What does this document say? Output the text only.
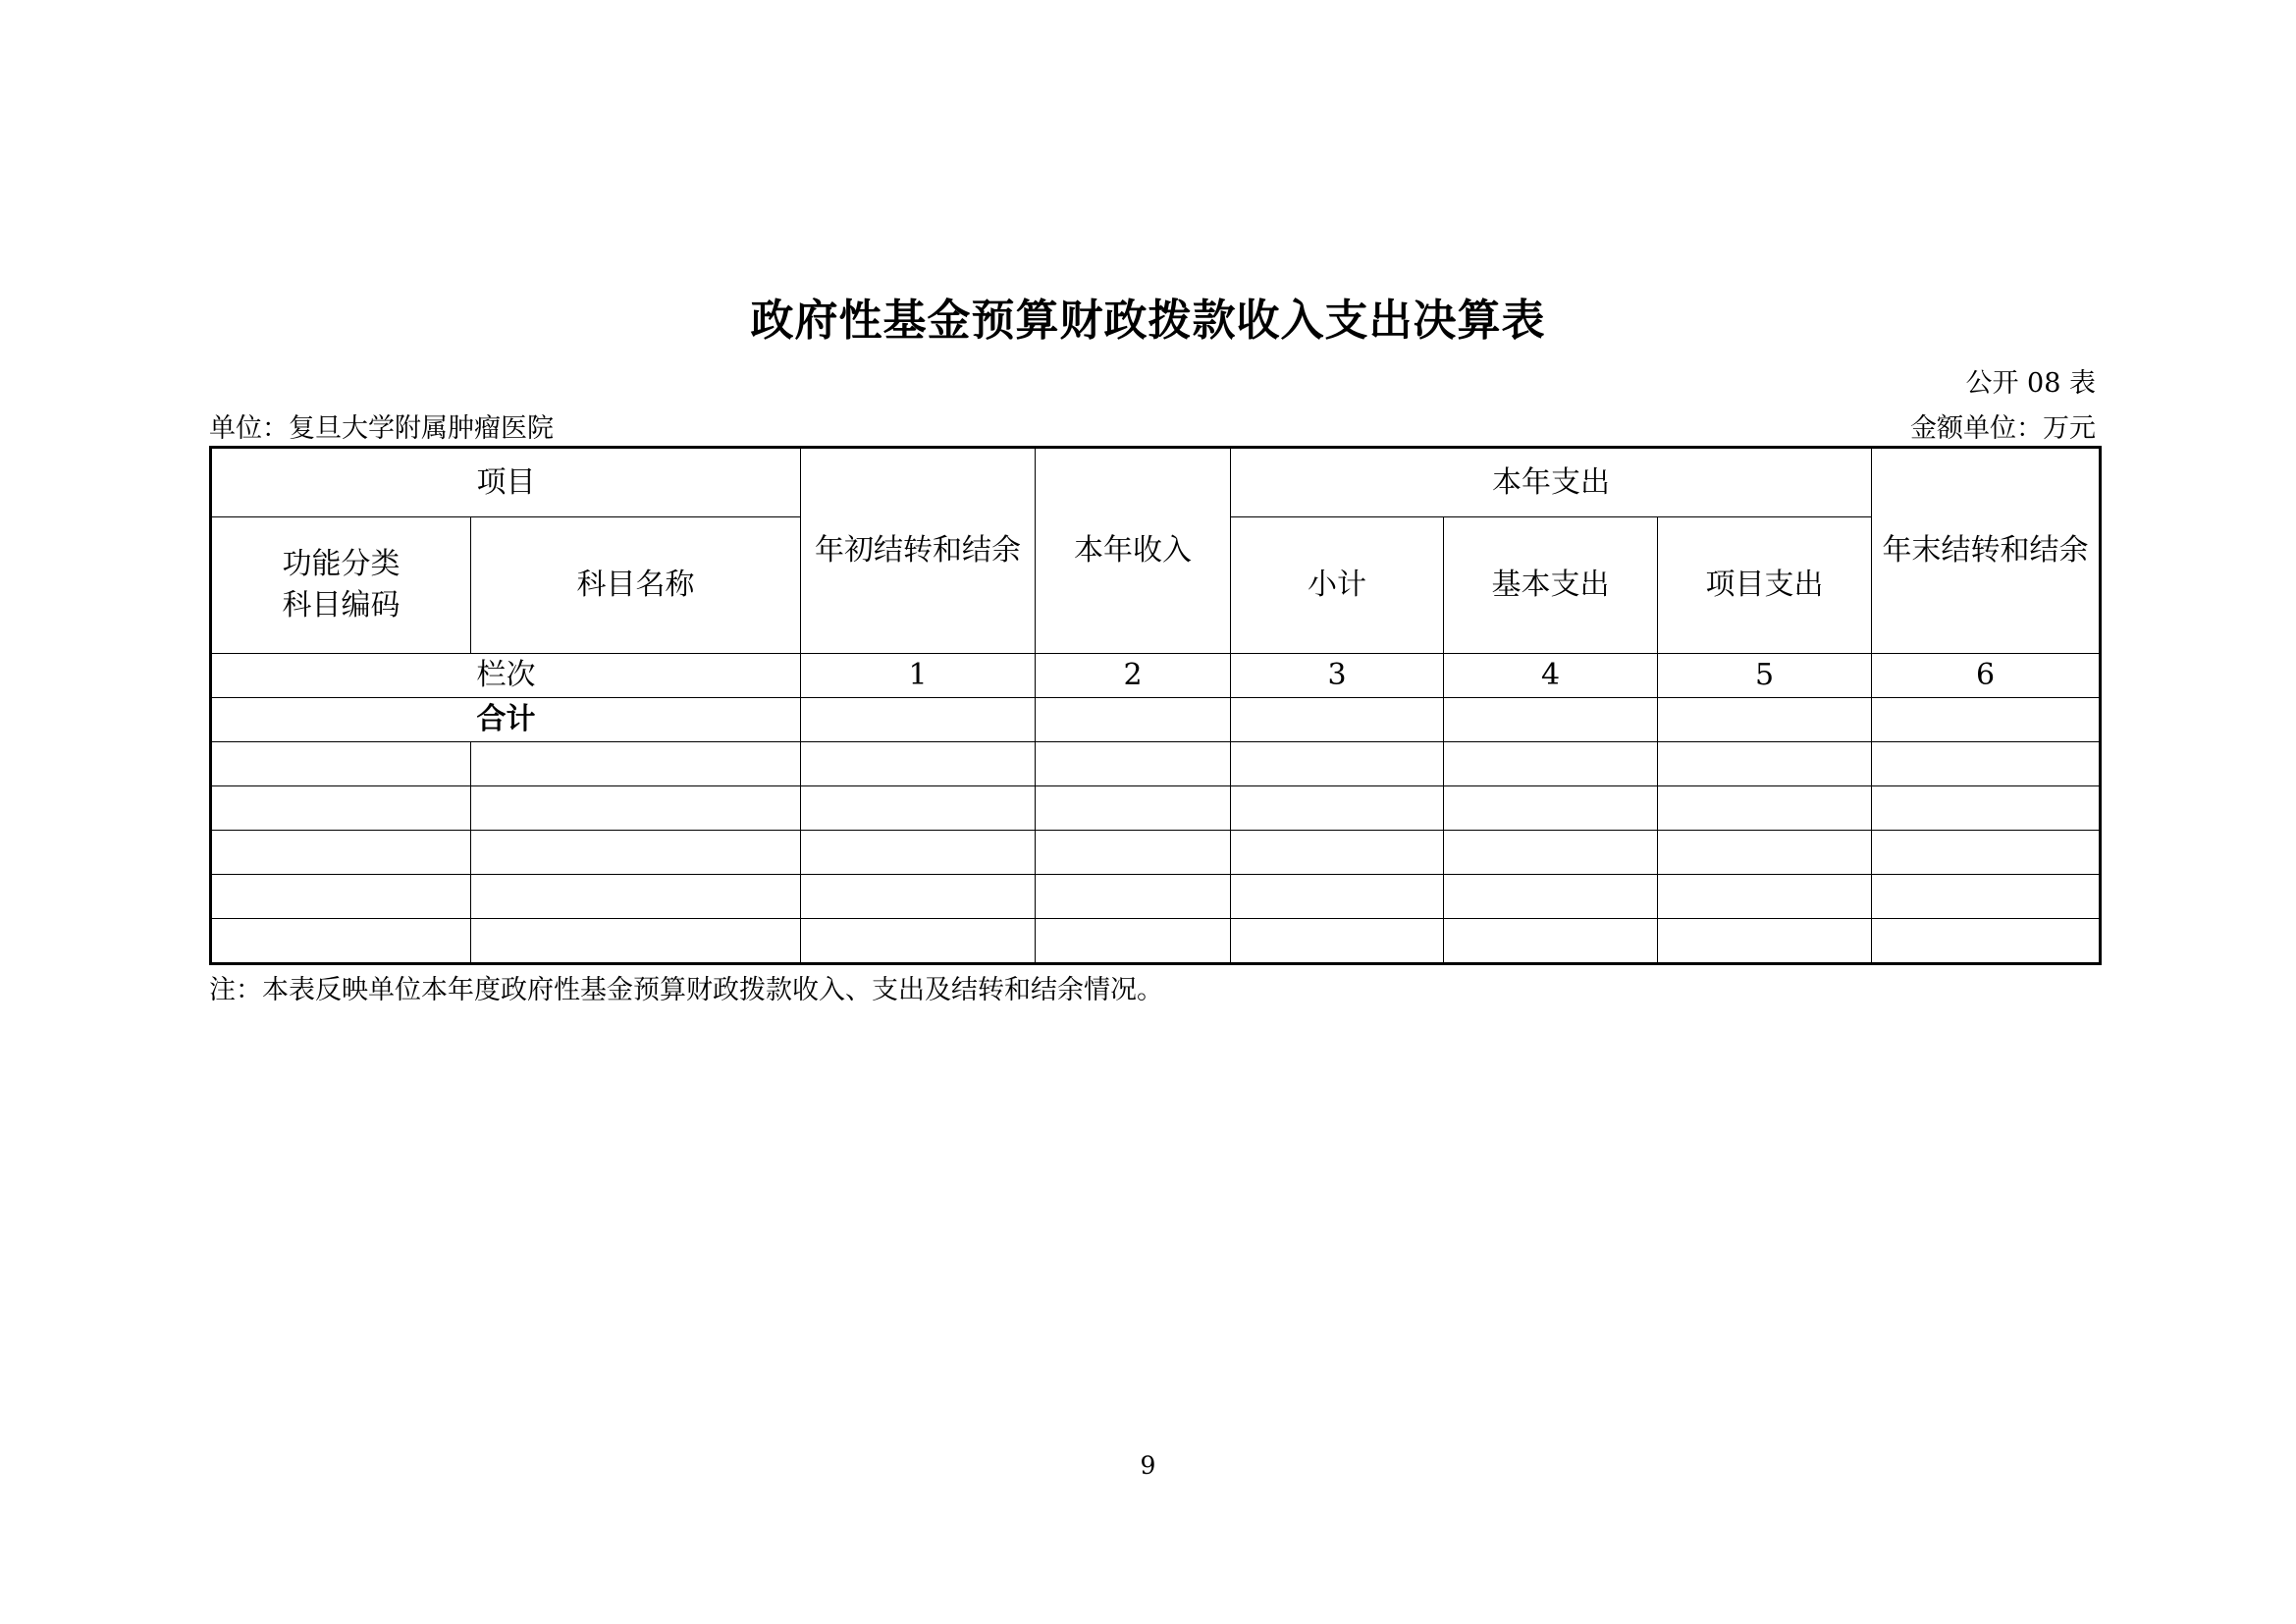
政府性基金预算财政拨款收入支出决算表
公开 08 表
单位：复旦大学附属肿瘤医院	金额单位：万元
项目		年初结转和结余	本年收入	本年支出			年末结转和结余

功能分类
科目编码	科目名称			小计	基本支出	项目支出	
栏次		1	2	3	4	5	6
合计							

注：本表反映单位本年度政府性基金预算财政拨款收入、支出及结转和结余情况。
9
